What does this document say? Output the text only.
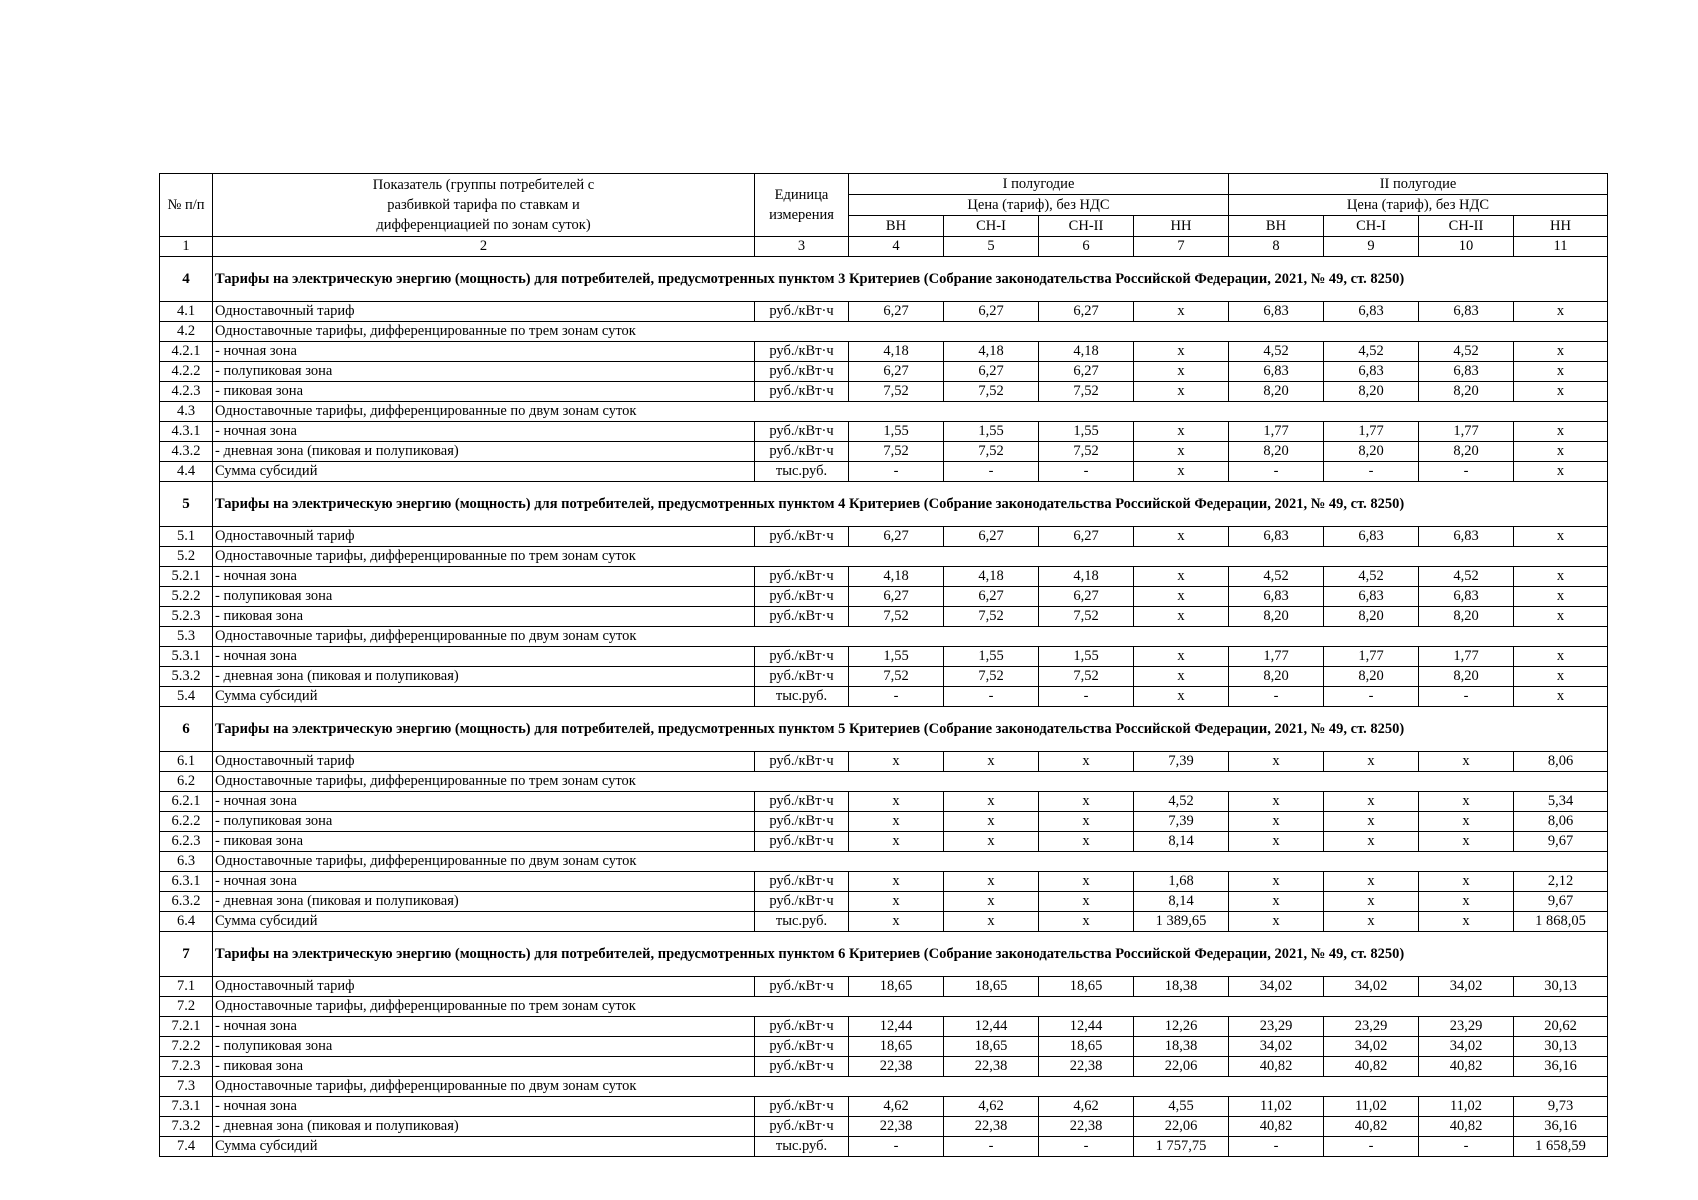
№ п/п	Показатель (группы потребителей с разбивкой тарифа по ставкам и дифференциацией по зонам суток)	Единица измерения	I полугодие				II полугодие			
			Цена (тариф), без НДС				Цена (тариф), без НДС			
			ВН	СН-I	СН-II	НН	ВН	СН-I	СН-II	НН
1	2	3	4	5	6	7	8	9	10	11
4	Тарифы на электрическую энергию (мощность) для потребителей, предусмотренных пунктом 3 Критериев (Собрание законодательства Российской Федерации, 2021, № 49, ст. 8250)									
4.1	Одноставочный тариф	руб./кВт·ч	6,27	6,27	6,27	х	6,83	6,83	6,83	х
4.2	Одноставочные тарифы, дифференцированные по трем зонам суток									
4.2.1	- ночная зона	руб./кВт·ч	4,18	4,18	4,18	х	4,52	4,52	4,52	х
4.2.2	- полупиковая зона	руб./кВт·ч	6,27	6,27	6,27	х	6,83	6,83	6,83	х
4.2.3	- пиковая зона	руб./кВт·ч	7,52	7,52	7,52	х	8,20	8,20	8,20	х
4.3	Одноставочные тарифы, дифференцированные по двум зонам суток									
4.3.1	- ночная зона	руб./кВт·ч	1,55	1,55	1,55	х	1,77	1,77	1,77	х
4.3.2	- дневная зона (пиковая и полупиковая)	руб./кВт·ч	7,52	7,52	7,52	х	8,20	8,20	8,20	х
4.4	Сумма субсидий	тыс.руб.	-	-	-	х	-	-	-	х
5	Тарифы на электрическую энергию (мощность) для потребителей, предусмотренных пунктом 4 Критериев (Собрание законодательства Российской Федерации, 2021, № 49, ст. 8250)									
5.1	Одноставочный тариф	руб./кВт·ч	6,27	6,27	6,27	х	6,83	6,83	6,83	х
5.2	Одноставочные тарифы, дифференцированные по трем зонам суток									
5.2.1	- ночная зона	руб./кВт·ч	4,18	4,18	4,18	х	4,52	4,52	4,52	х
5.2.2	- полупиковая зона	руб./кВт·ч	6,27	6,27	6,27	х	6,83	6,83	6,83	х
5.2.3	- пиковая зона	руб./кВт·ч	7,52	7,52	7,52	х	8,20	8,20	8,20	х
5.3	Одноставочные тарифы, дифференцированные по двум зонам суток									
5.3.1	- ночная зона	руб./кВт·ч	1,55	1,55	1,55	х	1,77	1,77	1,77	х
5.3.2	- дневная зона (пиковая и полупиковая)	руб./кВт·ч	7,52	7,52	7,52	х	8,20	8,20	8,20	х
5.4	Сумма субсидий	тыс.руб.	-	-	-	х	-	-	-	х
6	Тарифы на электрическую энергию (мощность) для потребителей, предусмотренных пунктом 5 Критериев (Собрание законодательства Российской Федерации, 2021, № 49, ст. 8250)									
6.1	Одноставочный тариф	руб./кВт·ч	х	х	х	7,39	х	х	х	8,06
6.2	Одноставочные тарифы, дифференцированные по трем зонам суток									
6.2.1	- ночная зона	руб./кВт·ч	х	х	х	4,52	х	х	х	5,34
6.2.2	- полупиковая зона	руб./кВт·ч	х	х	х	7,39	х	х	х	8,06
6.2.3	- пиковая зона	руб./кВт·ч	х	х	х	8,14	х	х	х	9,67
6.3	Одноставочные тарифы, дифференцированные по двум зонам суток									
6.3.1	- ночная зона	руб./кВт·ч	х	х	х	1,68	х	х	х	2,12
6.3.2	- дневная зона (пиковая и полупиковая)	руб./кВт·ч	х	х	х	8,14	х	х	х	9,67
6.4	Сумма субсидий	тыс.руб.	х	х	х	1 389,65	х	х	х	1 868,05
7	Тарифы на электрическую энергию (мощность) для потребителей, предусмотренных пунктом 6 Критериев (Собрание законодательства Российской Федерации, 2021, № 49, ст. 8250)									
7.1	Одноставочный тариф	руб./кВт·ч	18,65	18,65	18,65	18,38	34,02	34,02	34,02	30,13
7.2	Одноставочные тарифы, дифференцированные по трем зонам суток									
7.2.1	- ночная зона	руб./кВт·ч	12,44	12,44	12,44	12,26	23,29	23,29	23,29	20,62
7.2.2	- полупиковая зона	руб./кВт·ч	18,65	18,65	18,65	18,38	34,02	34,02	34,02	30,13
7.2.3	- пиковая зона	руб./кВт·ч	22,38	22,38	22,38	22,06	40,82	40,82	40,82	36,16
7.3	Одноставочные тарифы, дифференцированные по двум зонам суток									
7.3.1	- ночная зона	руб./кВт·ч	4,62	4,62	4,62	4,55	11,02	11,02	11,02	9,73
7.3.2	- дневная зона (пиковая и полупиковая)	руб./кВт·ч	22,38	22,38	22,38	22,06	40,82	40,82	40,82	36,16
7.4	Сумма субсидий	тыс.руб.	-	-	-	1 757,75	-	-	-	1 658,59
